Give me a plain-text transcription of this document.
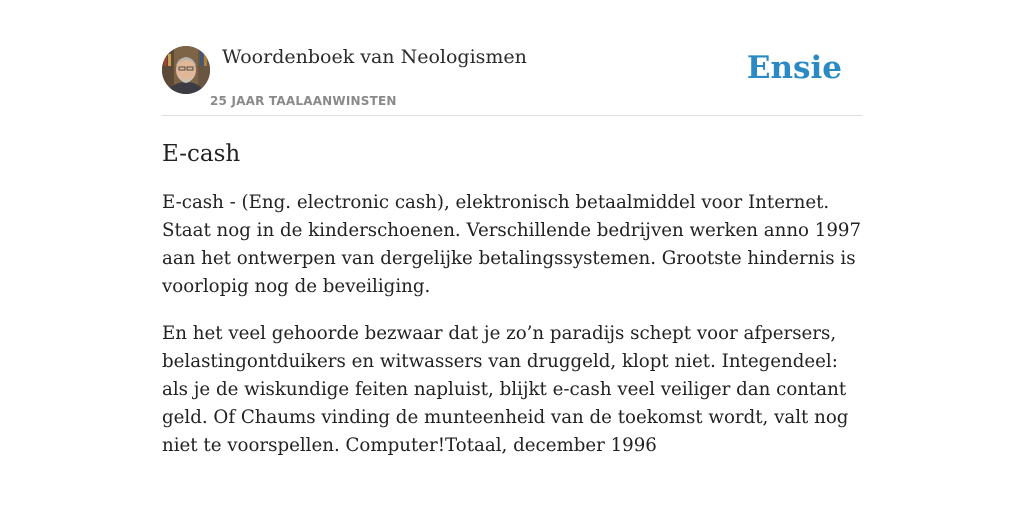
Woordenboek van Neologismen
25 JAAR TAALAANWINSTEN
Ensie
E-cash

E-cash - (Eng. electronic cash), elektronisch betaalmiddel voor Internet. Staat nog in de kinderschoenen. Verschillende bedrijven werken anno 1997 aan het ontwerpen van dergelijke betalingssystemen. Grootste hindernis is voorlopig nog de beveiliging.

En het veel gehoorde bezwaar dat je zo’n paradijs schept voor afpersers, belastingontduikers en witwassers van druggeld, klopt niet. Integendeel: als je de wiskundige feiten napluist, blijkt e-cash veel veiliger dan contant geld. Of Chaums vinding de munteenheid van de toekomst wordt, valt nog niet te voorspellen. Computer!Totaal, december 1996
